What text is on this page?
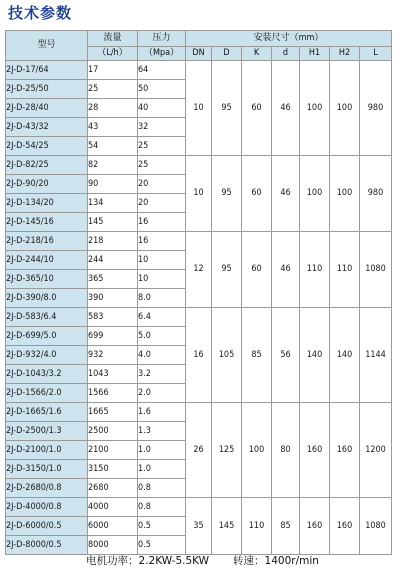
技术参数
型号	流量	压力	安装尺寸（mm）						
	（L/h）	（Mpa）	DN	D	K	d	H1	H2	L
2J-D-17/64	17	64	10	95	60	46	100	100	980
2J-D-25/50	25	50							
2J-D-28/40	28	40							
2J-D-43/32	43	32							
2J-D-54/25	54	25							
2J-D-82/25	82	25	10	95	60	46	100	100	980
2J-D-90/20	90	20							
2J-D-134/20	134	20							
2J-D-145/16	145	16							
2J-D-218/16	218	16	12	95	60	46	110	110	1080
2J-D-244/10	244	10							
2J-D-365/10	365	10							
2J-D-390/8.0	390	8.0							
2J-D-583/6.4	583	6.4	16	105	85	56	140	140	1144
2J-D-699/5.0	699	5.0							
2J-D-932/4.0	932	4.0							
2J-D-1043/3.2	1043	3.2							
2J-D-1566/2.0	1566	2.0							
2J-D-1665/1.6	1665	1.6	26	125	100	80	160	160	1200
2J-D-2500/1.3	2500	1.3							
2J-D-2100/1.0	2100	1.0							
2J-D-3150/1.0	3150	1.0							
2J-D-2680/0.8	2680	0.8							
2J-D-4000/0.8	4000	0.8	35	145	110	85	160	160	1080
2J-D-6000/0.5	6000	0.5							
2J-D-8000/0.5	8000	0.5							
电机功率：2.2KW-5.5KW 转速：1400r/min
